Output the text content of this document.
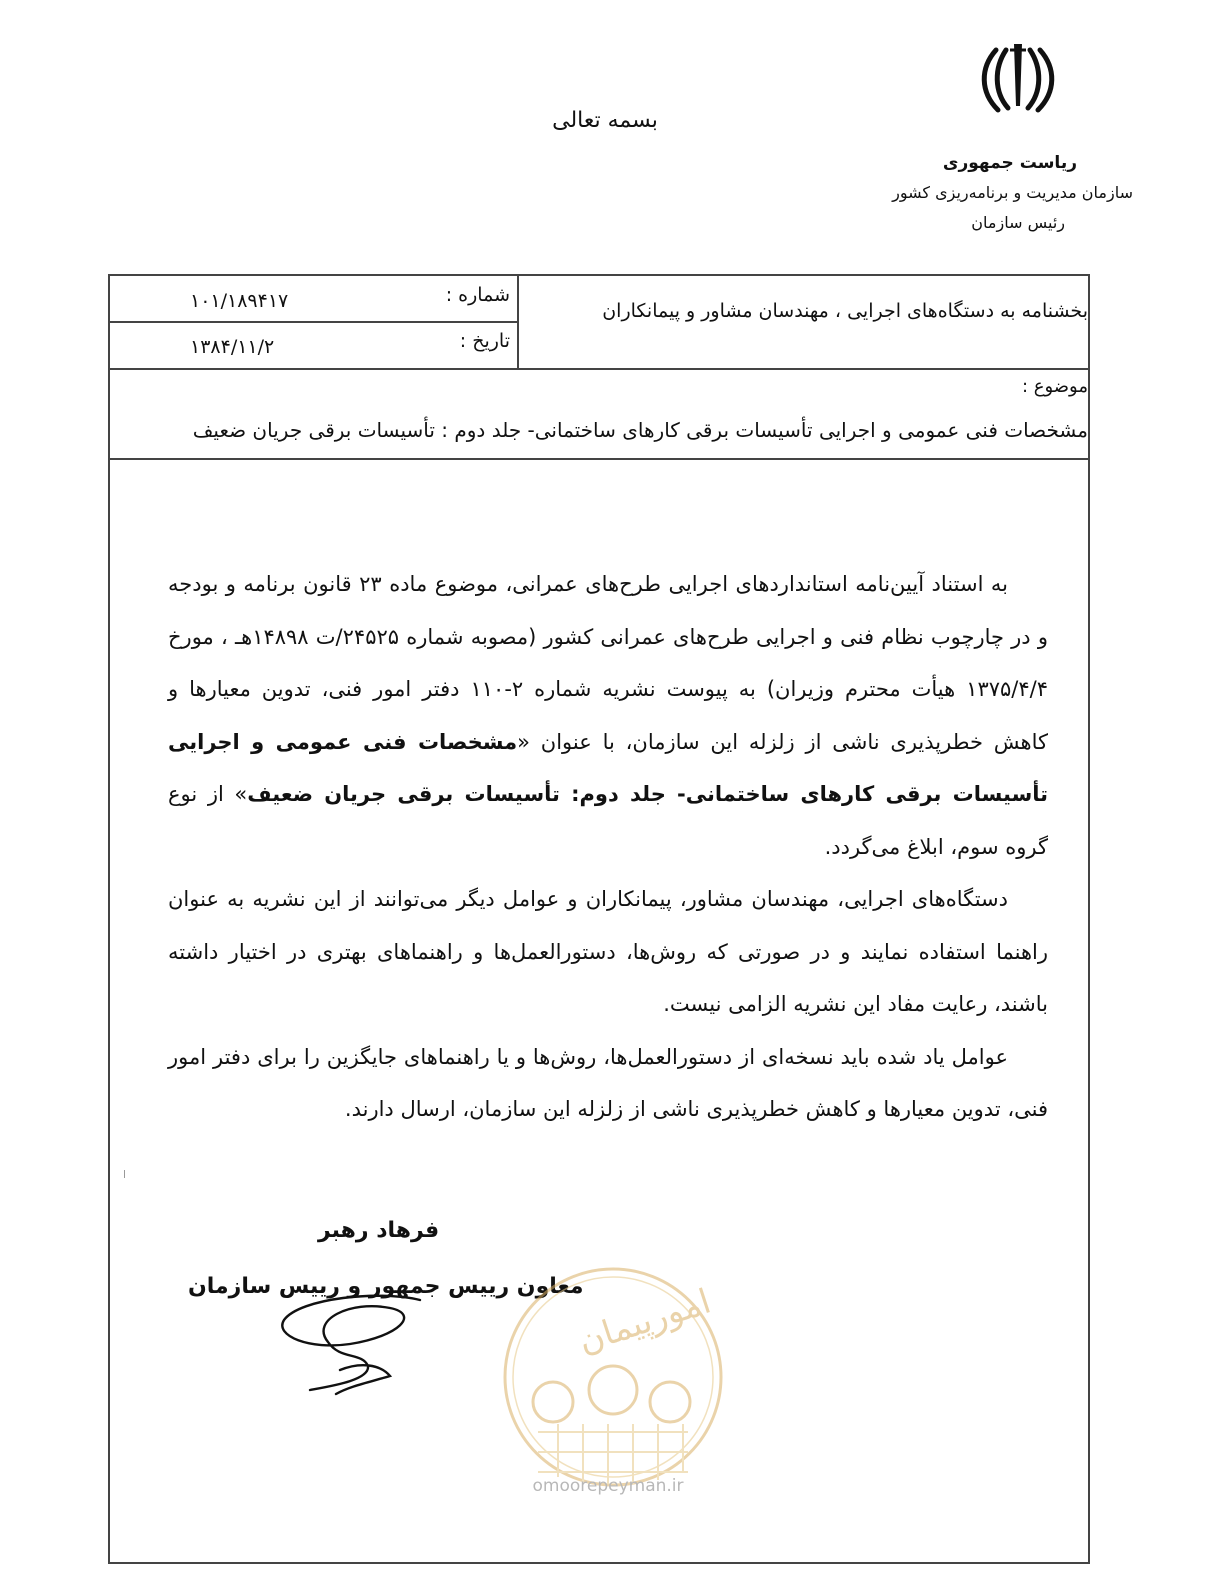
بسمه تعالی
ریاست جمهوری
سازمان مدیریت و برنامه‌ریزی کشور
رئیس سازمان
بخشنامه به دستگاه‌های اجرایی ، مهندسان مشاور و پیمانکاران
شماره :
۱۰۱/۱۸۹۴۱۷
تاریخ :
۱۳۸۴/۱۱/۲
موضوع :
مشخصات فنی عمومی و اجرایی تأسیسات برقی کارهای ساختمانی- جلد دوم : تأسیسات برقی جریان ضعیف

به استناد آیین‌نامه استانداردهای اجرایی طرح‌های عمرانی، موضوع ماده ۲۳ قانون برنامه و بودجه و در چارچوب نظام فنی و اجرایی طرح‌های عمرانی کشور (مصوبه شماره ۲۴۵۲۵/ت ۱۴۸۹۸هـ ، مورخ ۱۳۷۵/۴/۴ هیأت محترم وزیران) به پیوست نشریه شماره ۲-۱۱۰ دفتر امور فنی، تدوین معیارها و کاهش خطرپذیری ناشی از زلزله این سازمان، با عنوان «مشخصات فنی عمومی و اجرایی تأسیسات برقی کارهای ساختمانی- جلد دوم: تأسیسات برقی جریان ضعیف» از نوع گروه سوم، ابلاغ می‌گردد.

دستگاه‌های اجرایی، مهندسان مشاور، پیمانکاران و عوامل دیگر می‌توانند از این نشریه به عنوان راهنما استفاده نمایند و در صورتی که روش‌ها، دستورالعمل‌ها و راهنماهای بهتری در اختیار داشته باشند، رعایت مفاد این نشریه الزامی نیست.

عوامل یاد شده باید نسخه‌ای از دستورالعمل‌ها، روش‌ها و یا راهنماهای جایگزین را برای دفتر امور فنی، تدوین معیارها و کاهش خطرپذیری ناشی از زلزله این سازمان، ارسال دارند.

فرهاد رهبر
معاون رییس جمهور و رییس سازمان
امورپیمان
omoorepeyman.ir
